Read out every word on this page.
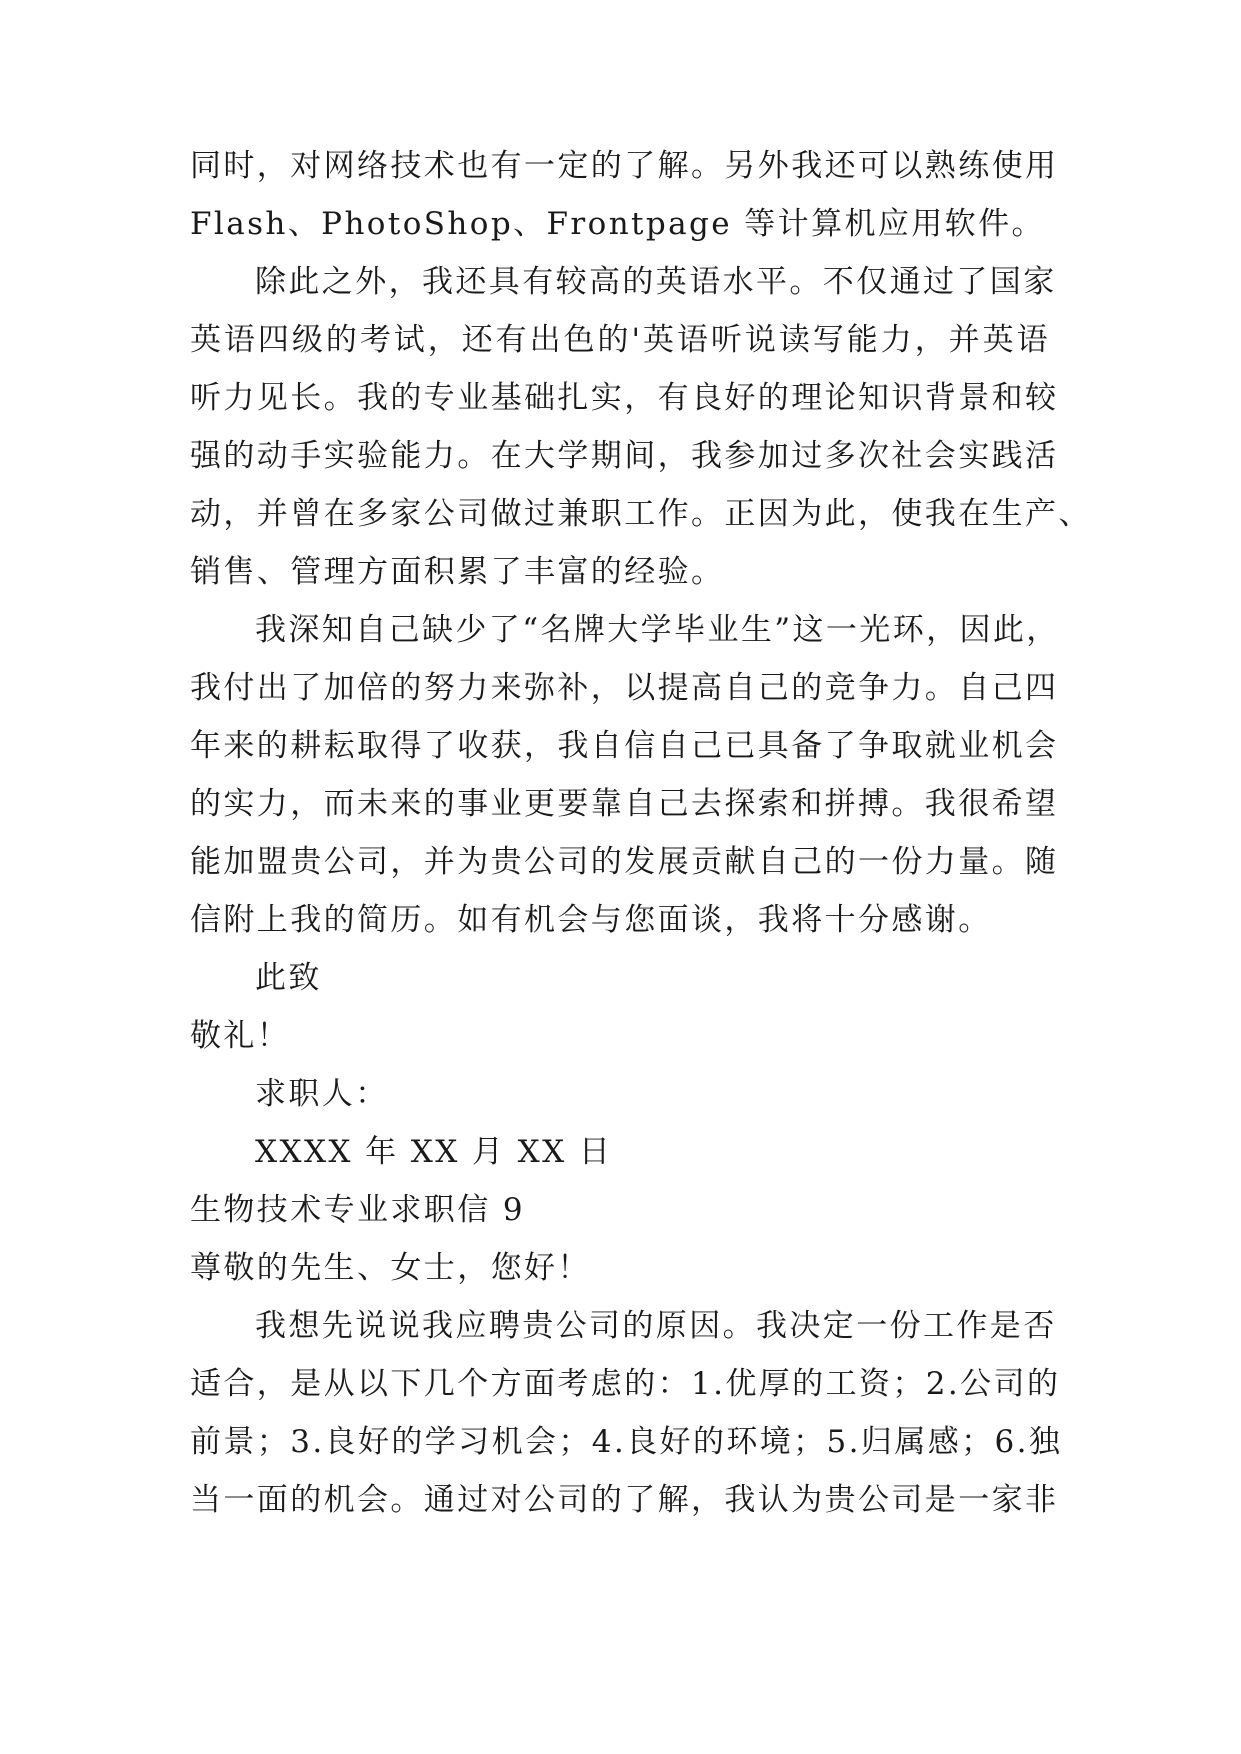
同时，对网络技术也有一定的了解。另外我还可以熟练使用
Flash、PhotoShop、Frontpage 等计算机应用软件。
除此之外，我还具有较高的英语水平。不仅通过了国家
英语四级的考试，还有出色的'英语听说读写能力，并英语
听力见长。我的专业基础扎实，有良好的理论知识背景和较
强的动手实验能力。在大学期间，我参加过多次社会实践活
动，并曾在多家公司做过兼职工作。正因为此，使我在生产、
销售、管理方面积累了丰富的经验。
我深知自己缺少了“名牌大学毕业生”这一光环，因此，
我付出了加倍的努力来弥补，以提高自己的竞争力。自己四
年来的耕耘取得了收获，我自信自己已具备了争取就业机会
的实力，而未来的事业更要靠自己去探索和拼搏。我很希望
能加盟贵公司，并为贵公司的发展贡献自己的一份力量。随
信附上我的简历。如有机会与您面谈，我将十分感谢。
此致
敬礼！
求职人：
XXXX 年 XX 月 XX 日
生物技术专业求职信 9
尊敬的先生、女士，您好！
我想先说说我应聘贵公司的原因。我决定一份工作是否
适合，是从以下几个方面考虑的：1.优厚的工资；2.公司的
前景；3.良好的学习机会；4.良好的环境；5.归属感；6.独
当一面的机会。通过对公司的了解，我认为贵公司是一家非
